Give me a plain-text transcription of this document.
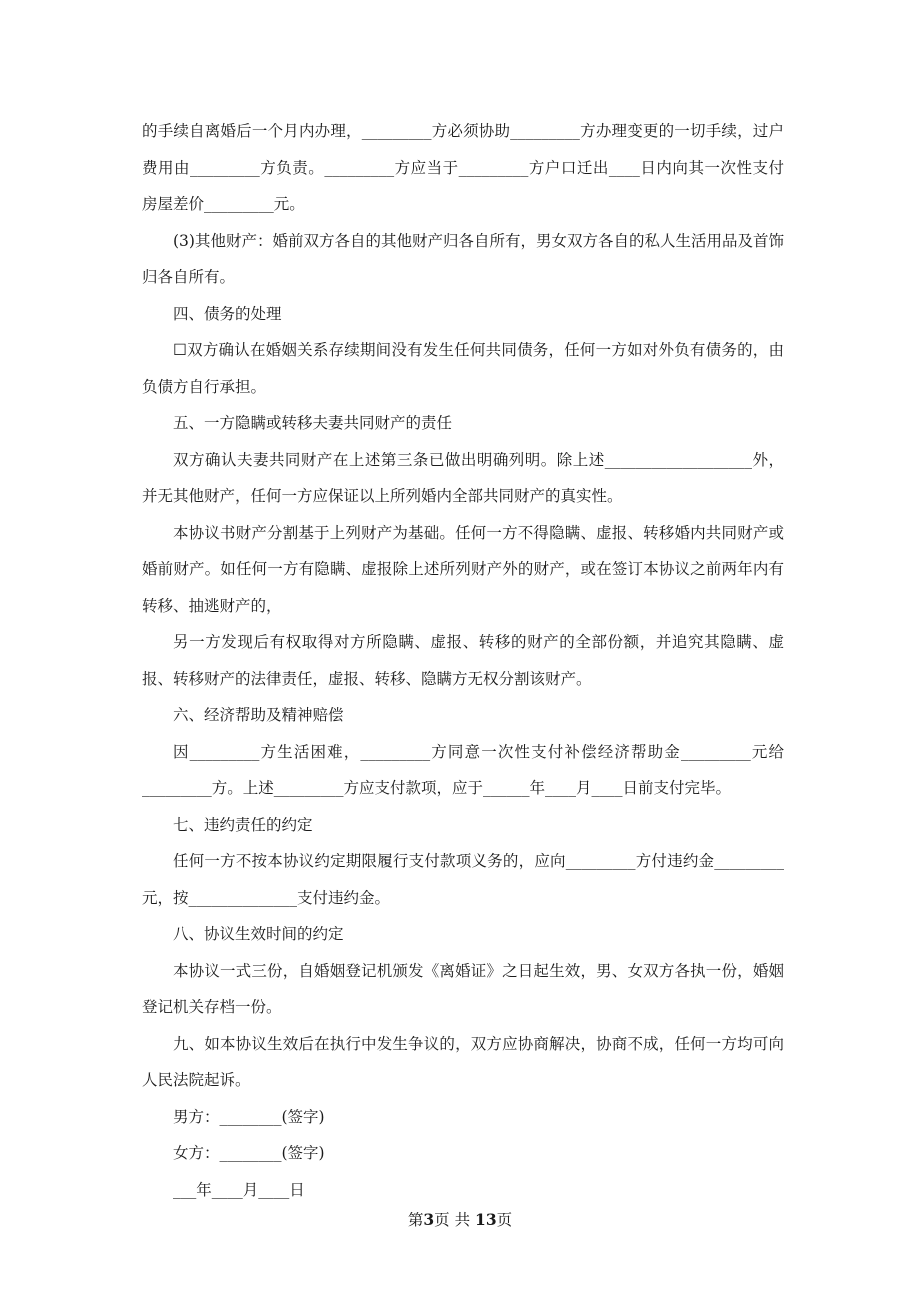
的手续自离婚后一个月内办理，_________方必须协助_________方办理变更的一切手续，过户费用由_________方负责。_________方应当于_________方户口迁出____日内向其一次性支付房屋差价_________元。

(3)其他财产：婚前双方各自的其他财产归各自所有，男女双方各自的私人生活用品及首饰归各自所有。

四、债务的处理

☐双方确认在婚姻关系存续期间没有发生任何共同债务，任何一方如对外负有债务的，由负债方自行承担。

五、一方隐瞒或转移夫妻共同财产的责任

双方确认夫妻共同财产在上述第三条已做出明确列明。除上述___________________外，并无其他财产，任何一方应保证以上所列婚内全部共同财产的真实性。

本协议书财产分割基于上列财产为基础。任何一方不得隐瞒、虚报、转移婚内共同财产或婚前财产。如任何一方有隐瞒、虚报除上述所列财产外的财产，或在签订本协议之前两年内有转移、抽逃财产的，

另一方发现后有权取得对方所隐瞒、虚报、转移的财产的全部份额，并追究其隐瞒、虚报、转移财产的法律责任，虚报、转移、隐瞒方无权分割该财产。

六、经济帮助及精神赔偿

因_________方生活困难，_________方同意一次性支付补偿经济帮助金_________元给_________方。上述_________方应支付款项，应于______年____月____日前支付完毕。

七、违约责任的约定

任何一方不按本协议约定期限履行支付款项义务的，应向_________方付违约金_________元，按______________支付违约金。

八、协议生效时间的约定

本协议一式三份，自婚姻登记机颁发《离婚证》之日起生效，男、女双方各执一份，婚姻登记机关存档一份。

九、如本协议生效后在执行中发生争议的，双方应协商解决，协商不成，任何一方均可向人民法院起诉。

男方：________(签字)

女方：________(签字)

___年____月____日

第3页 共 13页
